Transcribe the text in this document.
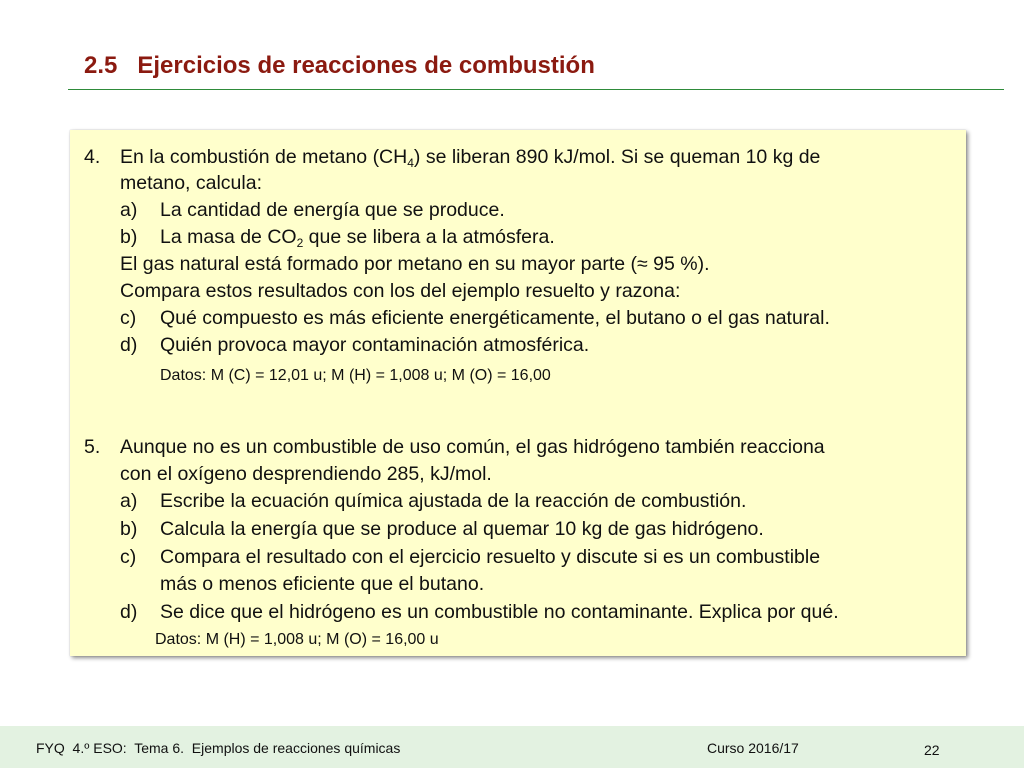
2.5   Ejercicios de reacciones de combustión
4. En la combustión de metano $(CH_4)$ se liberan 890 kJ/mol. Si se queman 10 kg de
metano, calcula:
a) La cantidad de energía que se produce.
b) La masa de $CO_2$ que se libera a la atmósfera.
El gas natural está formado por metano en su mayor parte (≈ 95 %).
Compara estos resultados con los del ejemplo resuelto y razona:
c) Qué compuesto es más eficiente energéticamente, el butano o el gas natural.
d) Quién provoca mayor contaminación atmosférica.
Datos: M (C) = 12,01 u; M (H) = 1,008 u; M (O) = 16,00
5. Aunque no es un combustible de uso común, el gas hidrógeno también reacciona
con el oxígeno desprendiendo 285, kJ/mol.
a) Escribe la ecuación química ajustada de la reacción de combustión.
b) Calcula la energía que se produce al quemar 10 kg de gas hidrógeno.
c) Compara el resultado con el ejercicio resuelto y discute si es un combustible
más o menos eficiente que el butano.
d) Se dice que el hidrógeno es un combustible no contaminante. Explica por qué.
Datos: M (H) = 1,008 u; M (O) = 16,00 u
FYQ  4.º ESO:  Tema 6.  Ejemplos de reacciones químicas	Curso 2016/17	22
